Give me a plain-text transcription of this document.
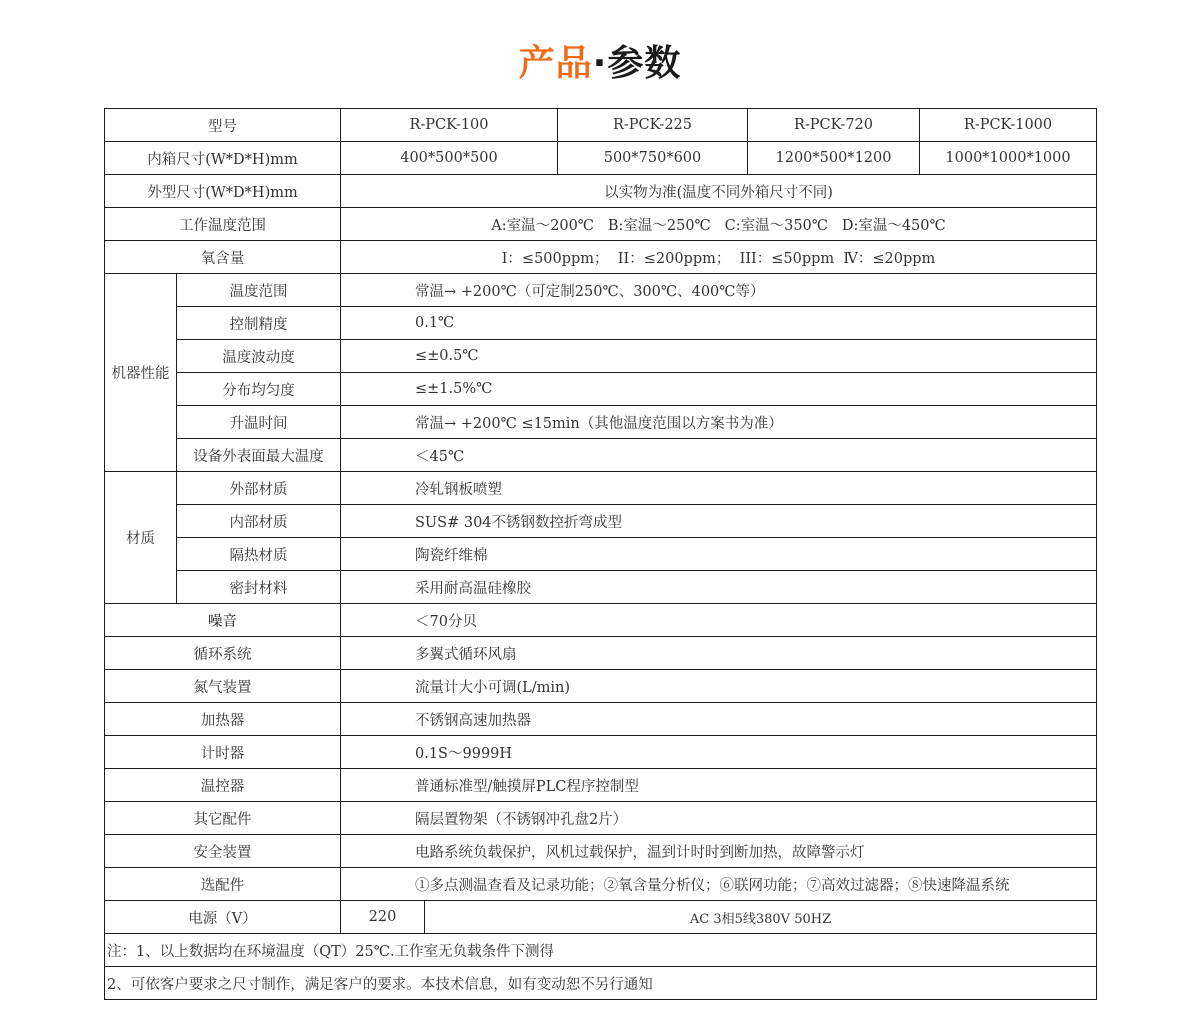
产品·参数
型号		R-PCK-100		R-PCK-225	R-PCK-720	R-PCK-1000
内箱尺寸(W*D*H)mm		400*500*500		500*750*600	1200*500*1200	1000*1000*1000
外型尺寸(W*D*H)mm		以实物为准(温度不同外箱尺寸不同)				
工作温度范围		A:室温～200℃   B:室温～250℃   C:室温～350℃   D:室温～450℃				
氧含量		I：≤500ppm；  II：≤200ppm；  III：≤50ppm  Ⅳ：≤20ppm				
机器性能	温度范围	常温→ +200℃（可定制250℃、300℃、400℃等）				
	控制精度	0.1℃				
	温度波动度	≤±0.5℃				
	分布均匀度	≤±1.5%℃				
	升温时间	常温→ +200℃ ≤15min（其他温度范围以方案书为准）				
	设备外表面最大温度	＜45℃				
材质	外部材质	冷轧钢板喷塑				
	内部材质	SUS# 304不锈钢数控折弯成型				
	隔热材质	陶瓷纤维棉				
	密封材料	采用耐高温硅橡胶				
噪音		＜70分贝				
循环系统		多翼式循环风扇				
氮气装置		流量计大小可调(L/min)				
加热器		不锈钢高速加热器				
计时器		0.1S～9999H				
温控器		普通标准型/触摸屏PLC程序控制型				
其它配件		隔层置物架（不锈钢冲孔盘2片）				
安全装置		电路系统负载保护，风机过载保护，温到计时时到断加热，故障警示灯				
选配件		①多点测温查看及记录功能；②氧含量分析仪；⑥联网功能；⑦高效过滤器；⑧快速降温系统				
电源（V）		220	AC 3相5线380V 50HZ			
注：1、以上数据均在环境温度（QT）25℃.工作室无负载条件下测得						
2、可依客户要求之尺寸制作，满足客户的要求。本技术信息，如有变动恕不另行通知						
